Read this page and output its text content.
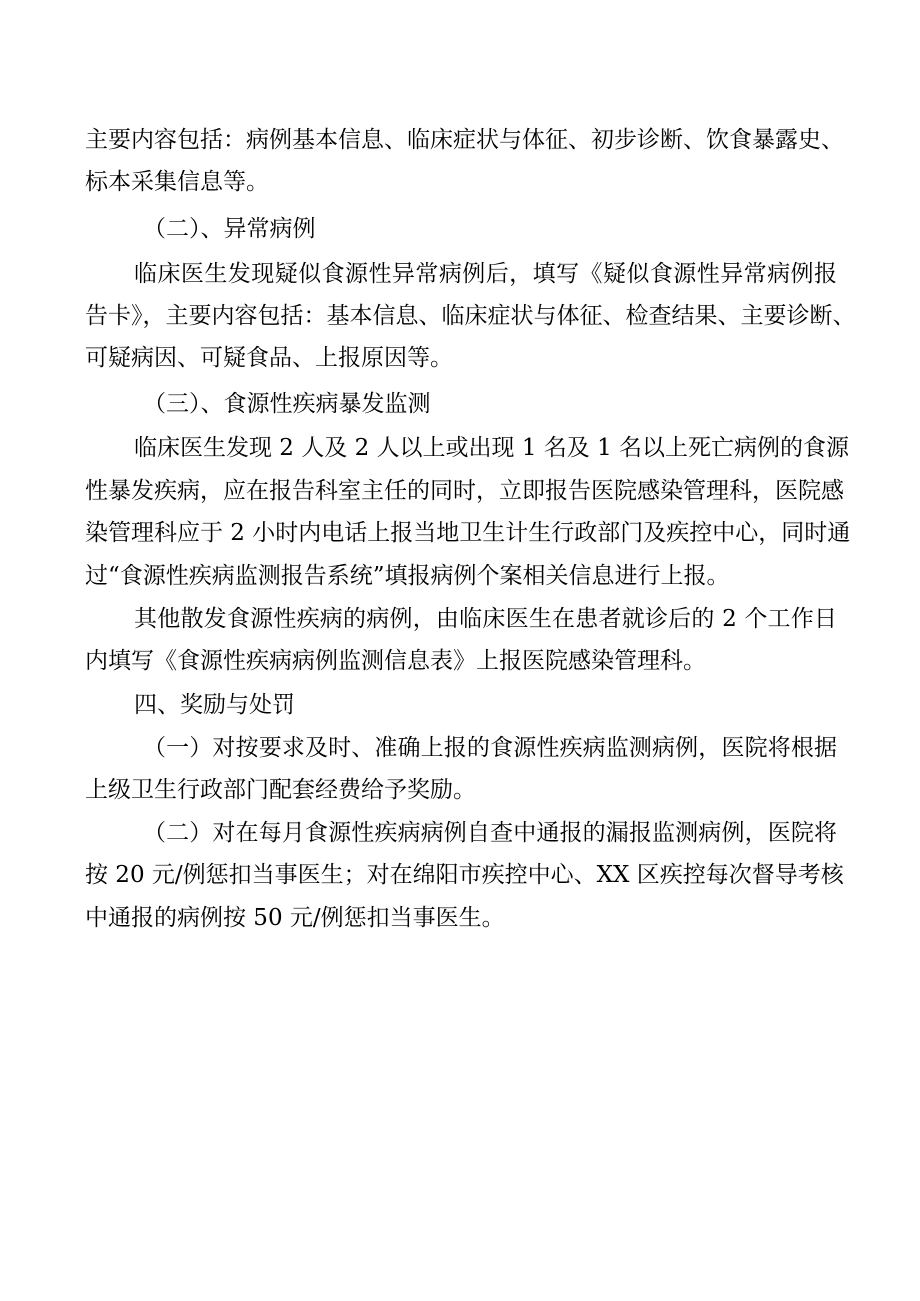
主要内容包括：病例基本信息、临床症状与体征、初步诊断、饮食暴露史、
标本采集信息等。
（二）、异常病例
临床医生发现疑似食源性异常病例后，填写《疑似食源性异常病例报
告卡》，主要内容包括：基本信息、临床症状与体征、检查结果、主要诊断、
可疑病因、可疑食品、上报原因等。
（三）、食源性疾病暴发监测
临床医生发现 2 人及 2 人以上或出现 1 名及 1 名以上死亡病例的食源
性暴发疾病，应在报告科室主任的同时，立即报告医院感染管理科，医院感
染管理科应于 2 小时内电话上报当地卫生计生行政部门及疾控中心，同时通
过“食源性疾病监测报告系统”填报病例个案相关信息进行上报。
其他散发食源性疾病的病例，由临床医生在患者就诊后的 2 个工作日
内填写《食源性疾病病例监测信息表》上报医院感染管理科。
四、奖励与处罚
（一）对按要求及时、准确上报的食源性疾病监测病例，医院将根据
上级卫生行政部门配套经费给予奖励。
（二）对在每月食源性疾病病例自查中通报的漏报监测病例，医院将
按 20 元/例惩扣当事医生；对在绵阳市疾控中心、XX 区疾控每次督导考核
中通报的病例按 50 元/例惩扣当事医生。
